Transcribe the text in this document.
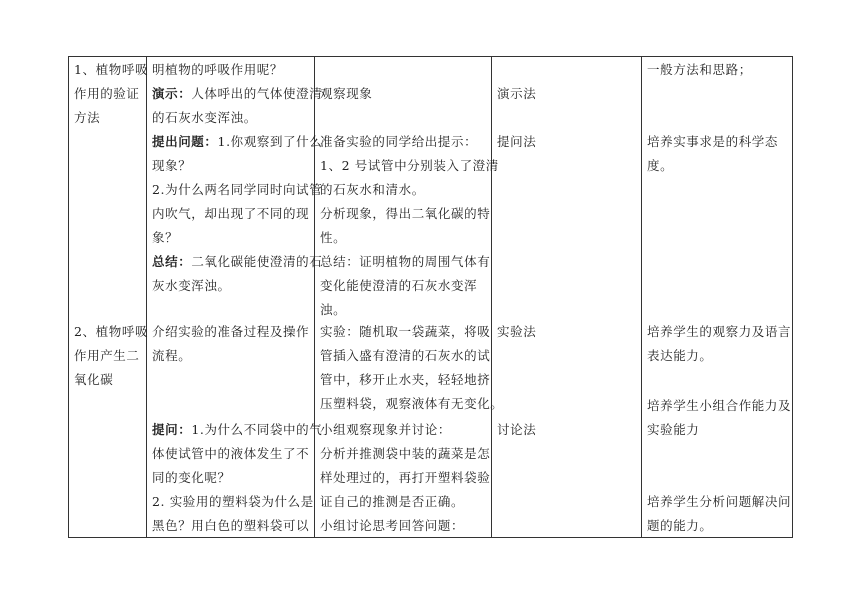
1、植物呼吸
作用的验证
方法
2、植物呼吸
作用产生二
氧化碳
明植物的呼吸作用呢？
演示：人体呼出的气体使澄清
的石灰水变浑浊。
提出问题：1.你观察到了什么
现象？
2.为什么两名同学同时向试管
内吹气，却出现了不同的现
象？
总结：二氧化碳能使澄清的石
灰水变浑浊。
介绍实验的准备过程及操作
流程。
提问：1.为什么不同袋中的气
体使试管中的液体发生了不
同的变化呢？
2. 实验用的塑料袋为什么是
黑色？用白色的塑料袋可以
观察现象
准备实验的同学给出提示：
1、2 号试管中分别装入了澄清
的石灰水和清水。
分析现象，得出二氧化碳的特
性。
总结：证明植物的周围气体有
变化能使澄清的石灰水变浑
浊。
实验：随机取一袋蔬菜，将吸
管插入盛有澄清的石灰水的试
管中，移开止水夹，轻轻地挤
压塑料袋，观察液体有无变化。
小组观察现象并讨论：
分析并推测袋中装的蔬菜是怎
样处理过的，再打开塑料袋验
证自己的推测是否正确。
小组讨论思考回答问题：
演示法
提问法
实验法
讨论法
一般方法和思路；
培养实事求是的科学态
度。
培养学生的观察力及语言
表达能力。
培养学生小组合作能力及
实验能力
培养学生分析问题解决问
题的能力。
